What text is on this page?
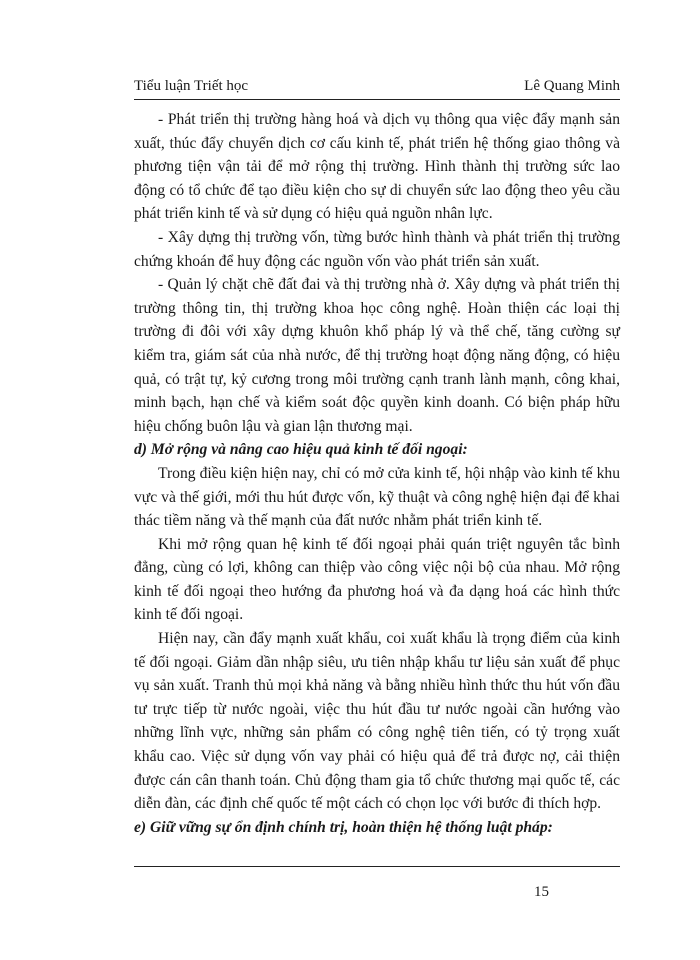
Tiểu luận Triết học	Lê Quang Minh

- Phát triển thị trường hàng hoá và dịch vụ thông qua việc đẩy mạnh sản xuất, thúc đẩy chuyển dịch cơ cấu kinh tế, phát triển hệ thống giao thông và phương tiện vận tải để mở rộng thị trường. Hình thành thị trường sức lao động có tổ chức để tạo điều kiện cho sự di chuyển sức lao động theo yêu cầu phát triển kinh tế và sử dụng có hiệu quả nguồn nhân lực.

- Xây dựng thị trường vốn, từng bước hình thành và phát triển thị trường chứng khoán để huy động các nguồn vốn vào phát triển sản xuất.

- Quản lý chặt chẽ đất đai và thị trường nhà ở. Xây dựng và phát triển thị trường thông tin, thị trường khoa học công nghệ. Hoàn thiện các loại thị trường đi đôi với xây dựng khuôn khổ pháp lý và thể chế, tăng cường sự kiểm tra, giám sát của nhà nước, để thị trường hoạt động năng động, có hiệu quả, có trật tự, kỷ cương trong môi trường cạnh tranh lành mạnh, công khai, minh bạch, hạn chế và kiểm soát độc quyền kinh doanh. Có biện pháp hữu hiệu chống buôn lậu và gian lận thương mại.

d) Mở rộng và nâng cao hiệu quả kinh tế đối ngoại:

Trong điều kiện hiện nay, chỉ có mở cửa kinh tế, hội nhập vào kinh tế khu vực và thế giới, mới thu hút được vốn, kỹ thuật và công nghệ hiện đại để khai thác tiềm năng và thế mạnh của đất nước nhằm phát triển kinh tế.

Khi mở rộng quan hệ kinh tế đối ngoại phải quán triệt nguyên tắc bình đẳng, cùng có lợi, không can thiệp vào công việc nội bộ của nhau. Mở rộng kinh tế đối ngoại theo hướng đa phương hoá và đa dạng hoá các hình thức kinh tế đối ngoại.

Hiện nay, cần đẩy mạnh xuất khẩu, coi xuất khẩu là trọng điểm của kinh tế đối ngoại. Giảm dần nhập siêu, ưu tiên nhập khẩu tư liệu sản xuất để phục vụ sản xuất. Tranh thủ mọi khả năng và bằng nhiều hình thức thu hút vốn đầu tư trực tiếp từ nước ngoài, việc thu hút đầu tư nước ngoài cần hướng vào những lĩnh vực, những sản phẩm có công nghệ tiên tiến, có tỷ trọng xuất khẩu cao. Việc sử dụng vốn vay phải có hiệu quả để trả được nợ, cải thiện được cán cân thanh toán. Chủ động tham gia tổ chức thương mại quốc tế, các diễn đàn, các định chế quốc tế một cách có chọn lọc với bước đi thích hợp.

e) Giữ vững sự ổn định chính trị, hoàn thiện hệ thống luật pháp:

15
